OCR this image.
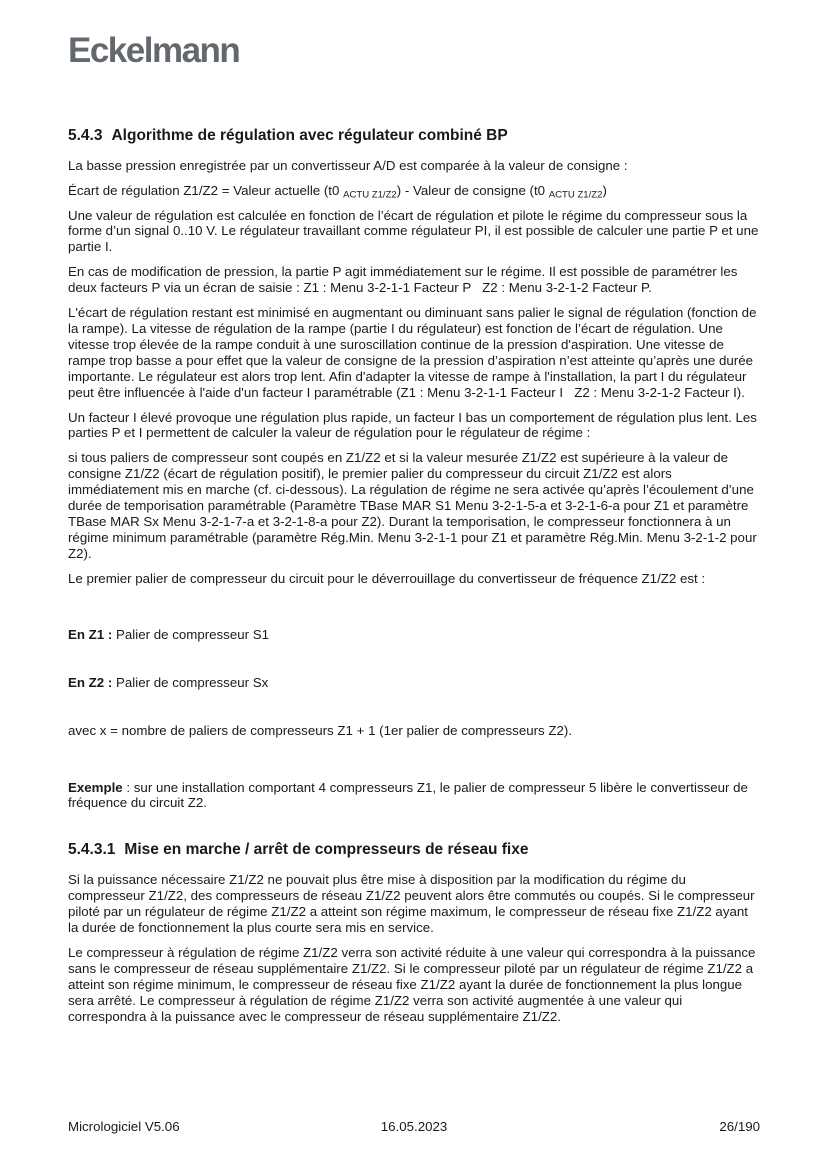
Eckelmann
5.4.3 Algorithme de régulation avec régulateur combiné BP

La basse pression enregistrée par un convertisseur A/D est comparée à la valeur de consigne :

Écart de régulation Z1/Z2 = Valeur actuelle (t0 $_{ACTU Z1/Z2}$) - Valeur de consigne (t0 $_{ACTU Z1/Z2}$)

Une valeur de régulation est calculée en fonction de l’écart de régulation et pilote le régime du compresseur sous la forme d’un signal 0..10 V. Le régulateur travaillant comme régulateur PI, il est possible de calculer une partie P et une partie I.

En cas de modification de pression, la partie P agit immédiatement sur le régime. Il est possible de paramétrer les deux facteurs P via un écran de saisie : Z1 : Menu 3-2-1-1 Facteur P   Z2 : Menu 3-2-1-2 Facteur P.

L'écart de régulation restant est minimisé en augmentant ou diminuant sans palier le signal de régulation (fonction de la rampe). La vitesse de régulation de la rampe (partie I du régulateur) est fonction de l’écart de régulation. Une vitesse trop élevée de la rampe conduit à une suroscillation continue de la pression d'aspiration. Une vitesse de rampe trop basse a pour effet que la valeur de consigne de la pression d’aspiration n’est atteinte qu’après une durée importante. Le régulateur est alors trop lent. Afin d'adapter la vitesse de rampe à l'installation, la part I du régulateur peut être influencée à l'aide d'un facteur I paramétrable (Z1 : Menu 3-2-1-1 Facteur I   Z2 : Menu 3-2-1-2 Facteur I).

Un facteur I élevé provoque une régulation plus rapide, un facteur I bas un comportement de régulation plus lent. Les parties P et I permettent de calculer la valeur de régulation pour le régulateur de régime :

si tous paliers de compresseur sont coupés en Z1/Z2 et si la valeur mesurée Z1/Z2 est supérieure à la valeur de consigne Z1/Z2 (écart de régulation positif), le premier palier du compresseur du circuit Z1/Z2 est alors immédiatement mis en marche (cf. ci-dessous). La régulation de régime ne sera activée qu’après l’écoulement d’une durée de temporisation paramétrable (Paramètre TBase MAR S1 Menu 3-2-1-5-a et 3-2-1-6-a pour Z1 et paramètre TBase MAR Sx Menu 3-2-1-7-a et 3-2-1-8-a pour Z2). Durant la temporisation, le compresseur fonctionnera à un régime minimum paramétrable (paramètre Rég.Min. Menu 3-2-1-1 pour Z1 et paramètre Rég.Min. Menu 3-2-1-2 pour Z2).

Le premier palier de compresseur du circuit pour le déverrouillage du convertisseur de fréquence Z1/Z2 est :

En Z1 : Palier de compresseur S1

En Z2 : Palier de compresseur Sx

avec x = nombre de paliers de compresseurs Z1 + 1 (1er palier de compresseurs Z2).

Exemple : sur une installation comportant 4 compresseurs Z1, le palier de compresseur 5 libère le convertisseur de fréquence du circuit Z2.

5.4.3.1 Mise en marche / arrêt de compresseurs de réseau fixe

Si la puissance nécessaire Z1/Z2 ne pouvait plus être mise à disposition par la modification du régime du compresseur Z1/Z2, des compresseurs de réseau Z1/Z2 peuvent alors être commutés ou coupés. Si le compresseur piloté par un régulateur de régime Z1/Z2 a atteint son régime maximum, le compresseur de réseau fixe Z1/Z2 ayant la durée de fonctionnement la plus courte sera mis en service.

Le compresseur à régulation de régime Z1/Z2 verra son activité réduite à une valeur qui correspondra à la puissance sans le compresseur de réseau supplémentaire Z1/Z2. Si le compresseur piloté par un régulateur de régime Z1/Z2 a atteint son régime minimum, le compresseur de réseau fixe Z1/Z2 ayant la durée de fonctionnement la plus longue sera arrêté. Le compresseur à régulation de régime Z1/Z2 verra son activité augmentée à une valeur qui correspondra à la puissance avec le compresseur de réseau supplémentaire Z1/Z2.

Micrologiciel V5.06	16.05.2023	26/190
